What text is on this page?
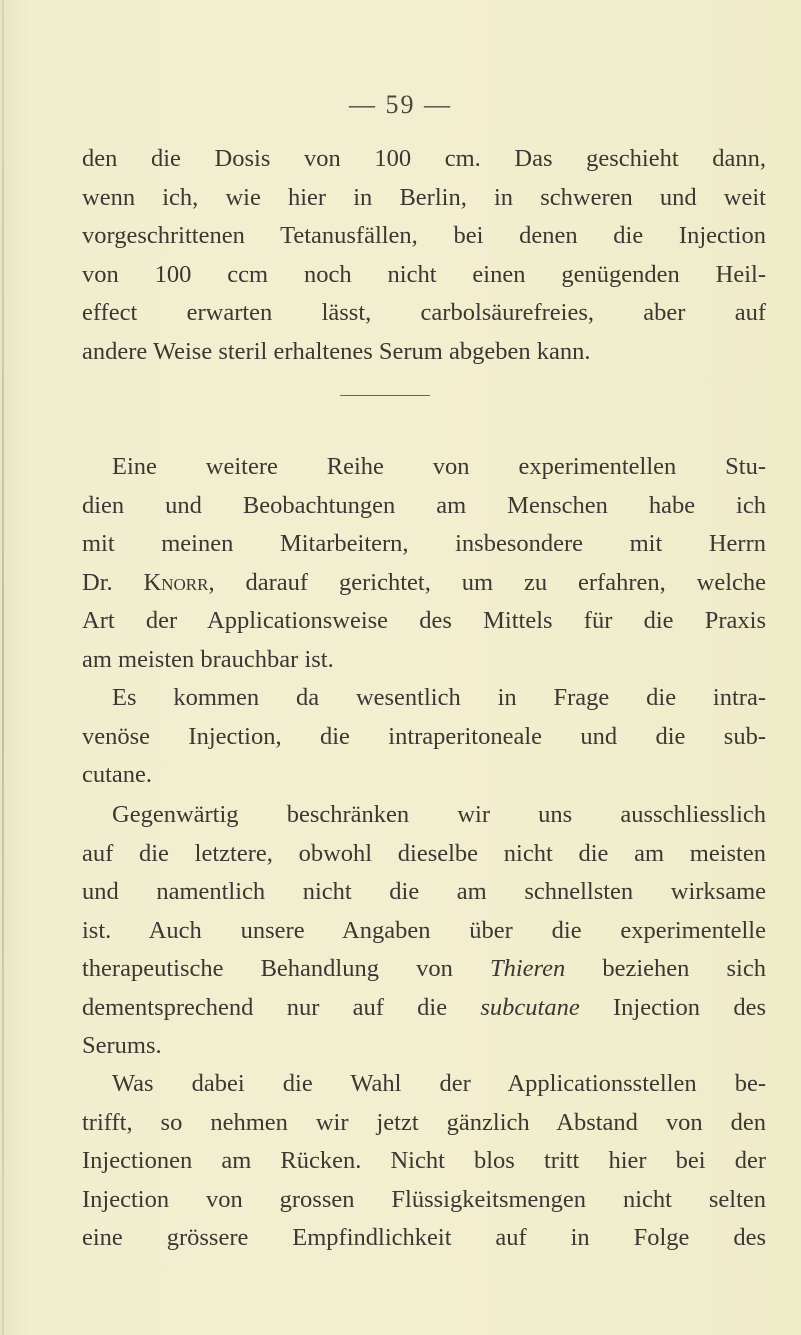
— 59 —
den die Dosis von 100 cm. Das geschieht dann,
wenn ich, wie hier in Berlin, in schweren und weit
vorgeschrittenen Tetanusfällen, bei denen die Injection
von 100 ccm noch nicht einen genügenden Heil-
effect erwarten lässt, carbolsäurefreies, aber auf
andere Weise steril erhaltenes Serum abgeben kann.
Eine weitere Reihe von experimentellen Stu-
dien und Beobachtungen am Menschen habe ich
mit meinen Mitarbeitern, insbesondere mit Herrn
Dr. Knorr, darauf gerichtet, um zu erfahren, welche
Art der Applicationsweise des Mittels für die Praxis
am meisten brauchbar ist.
Es kommen da wesentlich in Frage die intra-
venöse Injection, die intraperitoneale und die sub-
cutane.
Gegenwärtig beschränken wir uns ausschliesslich
auf die letztere, obwohl dieselbe nicht die am meisten
und namentlich nicht die am schnellsten wirksame
ist. Auch unsere Angaben über die experimentelle
therapeutische Behandlung von Thieren beziehen sich
dementsprechend nur auf die subcutane Injection des
Serums.
Was dabei die Wahl der Applicationsstellen be-
trifft, so nehmen wir jetzt gänzlich Abstand von den
Injectionen am Rücken. Nicht blos tritt hier bei der
Injection von grossen Flüssigkeitsmengen nicht selten
eine grössere Empfindlichkeit auf in Folge des
